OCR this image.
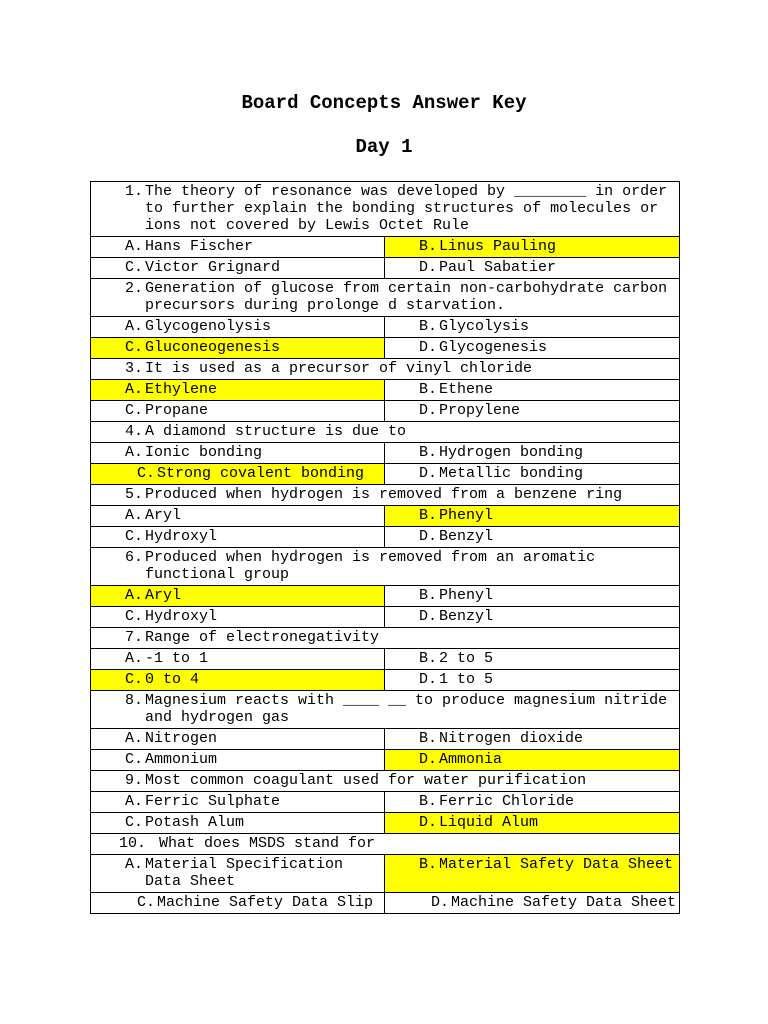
Board Concepts Answer Key
Day 1
1. The theory of resonance was developed by ________ in order to further explain the bonding structures of molecules or ions not covered by Lewis Octet Rule	

A. Hans Fischer	B. Linus Pauling

C. Victor Grignard	D. Paul Sabatier

2. Generation of glucose from certain non-carbohydrate carbon precursors during prolonge d starvation.	

A. Glycogenolysis	B. Glycolysis

C. Gluconeogenesis	D. Glycogenesis

3. It is used as a precursor of vinyl chloride	

A. Ethylene	B. Ethene

C. Propane	D. Propylene

4. A diamond structure is due to	

A. Ionic bonding	B. Hydrogen bonding

C. Strong covalent bonding	D. Metallic bonding

5. Produced when hydrogen is removed from a benzene ring	

A. Aryl	B. Phenyl

C. Hydroxyl	D. Benzyl

6. Produced when hydrogen is removed from an aromatic functional group	

A. Aryl	B. Phenyl

C. Hydroxyl	D. Benzyl

7. Range of electronegativity	

A. -1 to 1	B. 2 to 5

C. 0 to 4	D. 1 to 5

8. Magnesium reacts with ____ __ to produce magnesium nitride and hydrogen gas	

A. Nitrogen	B. Nitrogen dioxide

C. Ammonium	D. Ammonia

9. Most common coagulant used for water purification	

A. Ferric Sulphate	B. Ferric Chloride

C. Potash Alum	D. Liquid Alum

10. What does MSDS stand for	

A. Material Specification Data Sheet	B. Material Safety Data Sheet

C. Machine Safety Data Slip	D. Machine Safety Data Sheet
